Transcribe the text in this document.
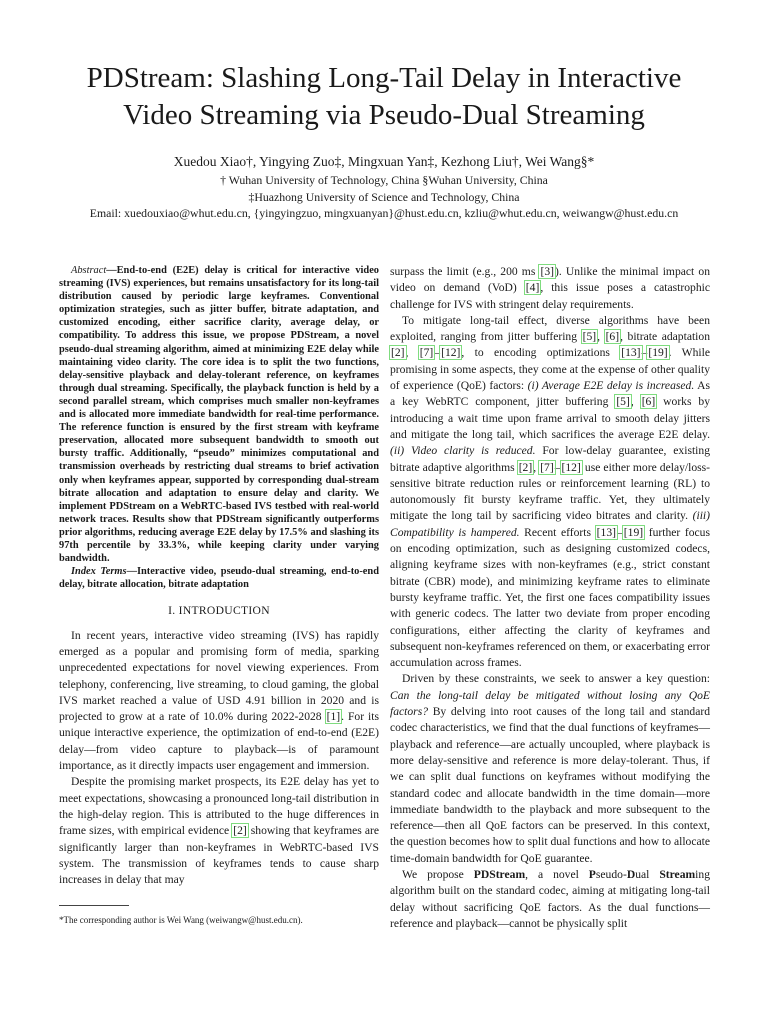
PDStream: Slashing Long-Tail Delay in Interactive
Video Streaming via Pseudo-Dual Streaming
Xuedou Xiao†, Yingying Zuo‡, Mingxuan Yan‡, Kezhong Liu†, Wei Wang§*
† Wuhan University of Technology, China §Wuhan University, China
‡Huazhong University of Science and Technology, China
Email: xuedouxiao@whut.edu.cn, {yingyingzuo, mingxuanyan}@hust.edu.cn, kzliu@whut.edu.cn, weiwangw@hust.edu.cn

Abstract—End-to-end (E2E) delay is critical for interactive video streaming (IVS) experiences, but remains unsatisfactory for its long-tail distribution caused by periodic large keyframes. Conventional optimization strategies, such as jitter buffer, bitrate adaptation, and customized encoding, either sacrifice clarity, average delay, or compatibility. To address this issue, we propose PDStream, a novel pseudo-dual streaming algorithm, aimed at minimizing E2E delay while maintaining video clarity. The core idea is to split the two functions, delay-sensitive playback and delay-tolerant reference, on keyframes through dual streaming. Specifically, the playback function is held by a second parallel stream, which comprises much smaller non-keyframes and is allocated more immediate bandwidth for real-time performance. The reference function is ensured by the first stream with keyframe preservation, allocated more subsequent bandwidth to smooth out bursty traffic. Additionally, “pseudo” minimizes computational and transmission overheads by restricting dual streams to brief activation only when keyframes appear, supported by corresponding dual-stream bitrate allocation and adaptation to ensure delay and clarity. We implement PDStream on a WebRTC-based IVS testbed with real-world network traces. Results show that PDStream significantly outperforms prior algorithms, reducing average E2E delay by 17.5% and slashing its 97th percentile by 33.3%, while keeping clarity under varying bandwidth.

Index Terms—Interactive video, pseudo-dual streaming, end-to-end delay, bitrate allocation, bitrate adaptation

I. INTRODUCTION

In recent years, interactive video streaming (IVS) has rapidly emerged as a popular and promising form of media, sparking unprecedented expectations for novel viewing experiences. From telephony, conferencing, live streaming, to cloud gaming, the global IVS market reached a value of USD 4.91 billion in 2020 and is projected to grow at a rate of 10.0% during 2022-2028 [1]. For its unique interactive experience, the optimization of end-to-end (E2E) delay—from video capture to playback—is of paramount importance, as it directly impacts user engagement and immersion.

Despite the promising market prospects, its E2E delay has yet to meet expectations, showcasing a pronounced long-tail distribution in the high-delay region. This is attributed to the huge differences in frame sizes, with empirical evidence [2] showing that keyframes are significantly larger than non-keyframes in WebRTC-based IVS system. The transmission of keyframes tends to cause sharp increases in delay that may

*The corresponding author is Wei Wang (weiwangw@hust.edu.cn).

surpass the limit (e.g., 200 ms [3]). Unlike the minimal impact on video on demand (VoD) [4], this issue poses a catastrophic challenge for IVS with stringent delay requirements.

To mitigate long-tail effect, diverse algorithms have been exploited, ranging from jitter buffering [5], [6], bitrate adaptation [2], [7]–[12], to encoding optimizations [13]–[19]. While promising in some aspects, they come at the expense of other quality of experience (QoE) factors: (i) Average E2E delay is increased. As a key WebRTC component, jitter buffering [5], [6] works by introducing a wait time upon frame arrival to smooth delay jitters and mitigate the long tail, which sacrifices the average E2E delay. (ii) Video clarity is reduced. For low-delay guarantee, existing bitrate adaptive algorithms [2], [7]–[12] use either more delay/loss-sensitive bitrate reduction rules or reinforcement learning (RL) to autonomously fit bursty keyframe traffic. Yet, they ultimately mitigate the long tail by sacrificing video bitrates and clarity. (iii) Compatibility is hampered. Recent efforts [13]–[19] further focus on encoding optimization, such as designing customized codecs, aligning keyframe sizes with non-keyframes (e.g., strict constant bitrate (CBR) mode), and minimizing keyframe rates to eliminate bursty keyframe traffic. Yet, the first one faces compatibility issues with generic codecs. The latter two deviate from proper encoding configurations, either affecting the clarity of keyframes and subsequent non-keyframes referenced on them, or exacerbating error accumulation across frames.

Driven by these constraints, we seek to answer a key question: Can the long-tail delay be mitigated without losing any QoE factors? By delving into root causes of the long tail and standard codec characteristics, we find that the dual functions of keyframes—playback and reference—are actually uncoupled, where playback is more delay-sensitive and reference is more delay-tolerant. Thus, if we can split dual functions on keyframes without modifying the standard codec and allocate bandwidth in the time domain—more immediate bandwidth to the playback and more subsequent to the reference—then all QoE factors can be preserved. In this context, the question becomes how to split dual functions and how to allocate time-domain bandwidth for QoE guarantee.

We propose PDStream, a novel Pseudo-Dual Streaming algorithm built on the standard codec, aiming at mitigating long-tail delay without sacrificing QoE factors. As the dual functions—reference and playback—cannot be physically split
